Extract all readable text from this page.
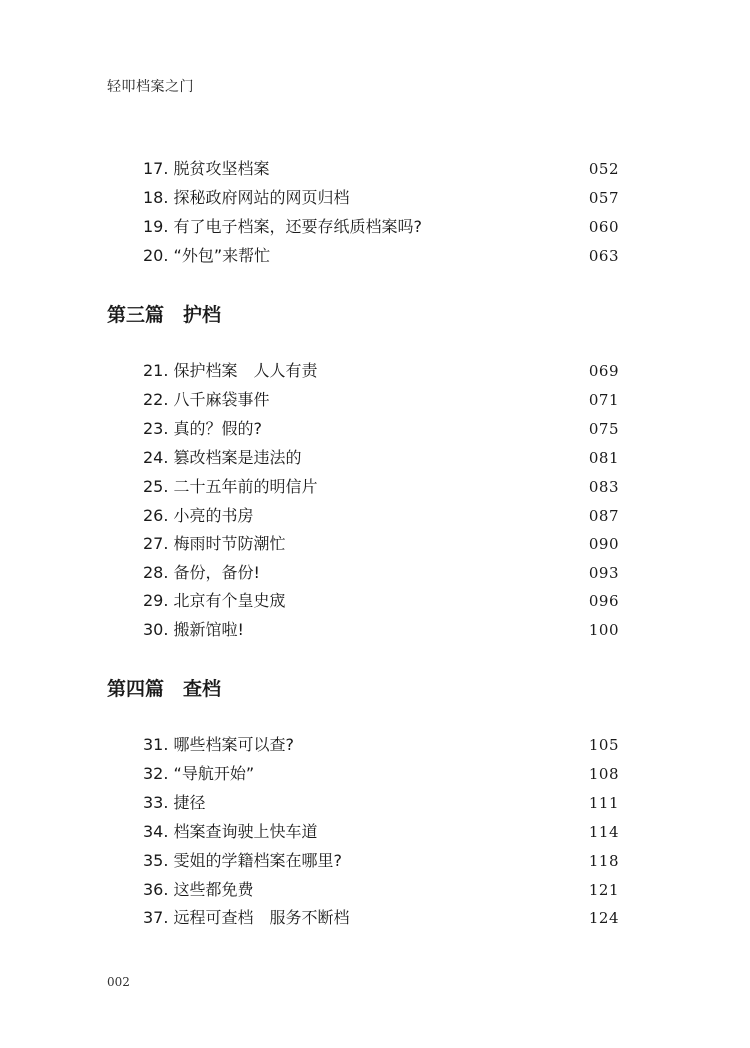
轻叩档案之门
17. 脱贫攻坚档案	052
18. 探秘政府网站的网页归档	057
19. 有了电子档案，还要存纸质档案吗?	060
20. “外包”来帮忙	063
第三篇　护档
21. 保护档案　人人有责	069
22. 八千麻袋事件	071
23. 真的？假的?	075
24. 篡改档案是违法的	081
25. 二十五年前的明信片	083
26. 小亮的书房	087
27. 梅雨时节防潮忙	090
28. 备份，备份!	093
29. 北京有个皇史宬	096
30. 搬新馆啦!	100
第四篇　查档
31. 哪些档案可以查?	105
32. “导航开始”	108
33. 捷径	111
34. 档案查询驶上快车道	114
35. 雯姐的学籍档案在哪里?	118
36. 这些都免费	121
37. 远程可查档　服务不断档	124
002
